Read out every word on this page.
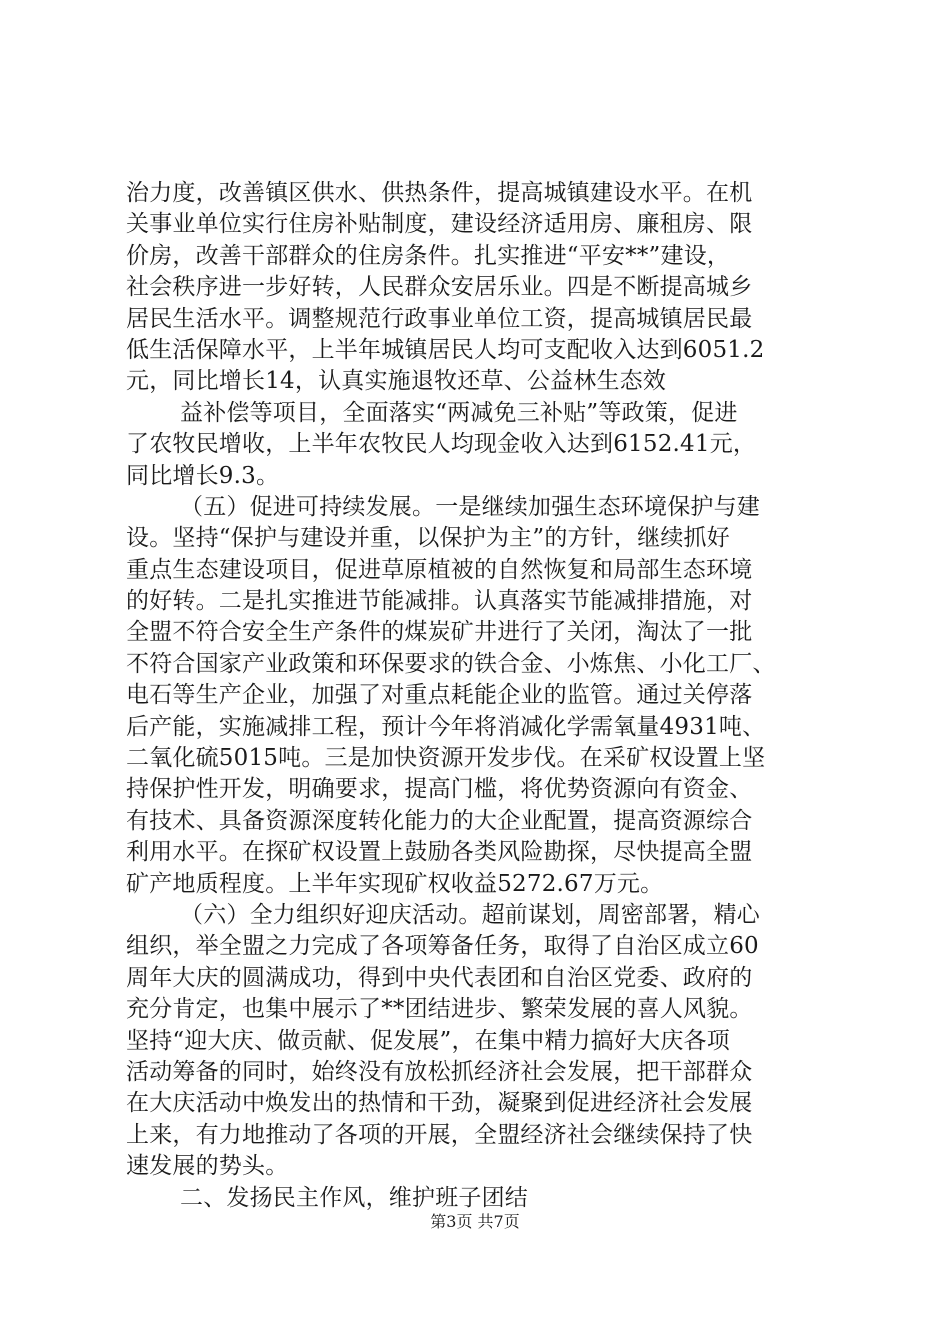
治力度，改善镇区供水、供热条件，提高城镇建设水平。在机
关事业单位实行住房补贴制度，建设经济适用房、廉租房、限
价房，改善干部群众的住房条件。扎实推进“平安**”建设，
社会秩序进一步好转，人民群众安居乐业。四是不断提高城乡
居民生活水平。调整规范行政事业单位工资，提高城镇居民最
低生活保障水平，上半年城镇居民人均可支配收入达到6051.2
元，同比增长14，认真实施退牧还草、公益林生态效
益补偿等项目，全面落实“两减免三补贴”等政策，促进
了农牧民增收，上半年农牧民人均现金收入达到6152.41元，
同比增长9.3。
（五）促进可持续发展。一是继续加强生态环境保护与建
设。坚持“保护与建设并重，以保护为主”的方针，继续抓好
重点生态建设项目，促进草原植被的自然恢复和局部生态环境
的好转。二是扎实推进节能减排。认真落实节能减排措施，对
全盟不符合安全生产条件的煤炭矿井进行了关闭，淘汰了一批
不符合国家产业政策和环保要求的铁合金、小炼焦、小化工厂、
电石等生产企业，加强了对重点耗能企业的监管。通过关停落
后产能，实施减排工程，预计今年将消减化学需氧量4931吨、
二氧化硫5015吨。三是加快资源开发步伐。在采矿权设置上坚
持保护性开发，明确要求，提高门槛，将优势资源向有资金、
有技术、具备资源深度转化能力的大企业配置，提高资源综合
利用水平。在探矿权设置上鼓励各类风险勘探，尽快提高全盟
矿产地质程度。上半年实现矿权收益5272.67万元。
（六）全力组织好迎庆活动。超前谋划，周密部署，精心
组织，举全盟之力完成了各项筹备任务，取得了自治区成立60
周年大庆的圆满成功，得到中央代表团和自治区党委、政府的
充分肯定，也集中展示了**团结进步、繁荣发展的喜人风貌。
坚持“迎大庆、做贡献、促发展”，在集中精力搞好大庆各项
活动筹备的同时，始终没有放松抓经济社会发展，把干部群众
在大庆活动中焕发出的热情和干劲，凝聚到促进经济社会发展
上来，有力地推动了各项的开展，全盟经济社会继续保持了快
速发展的势头。
二、发扬民主作风，维护班子团结
第3页 共7页
